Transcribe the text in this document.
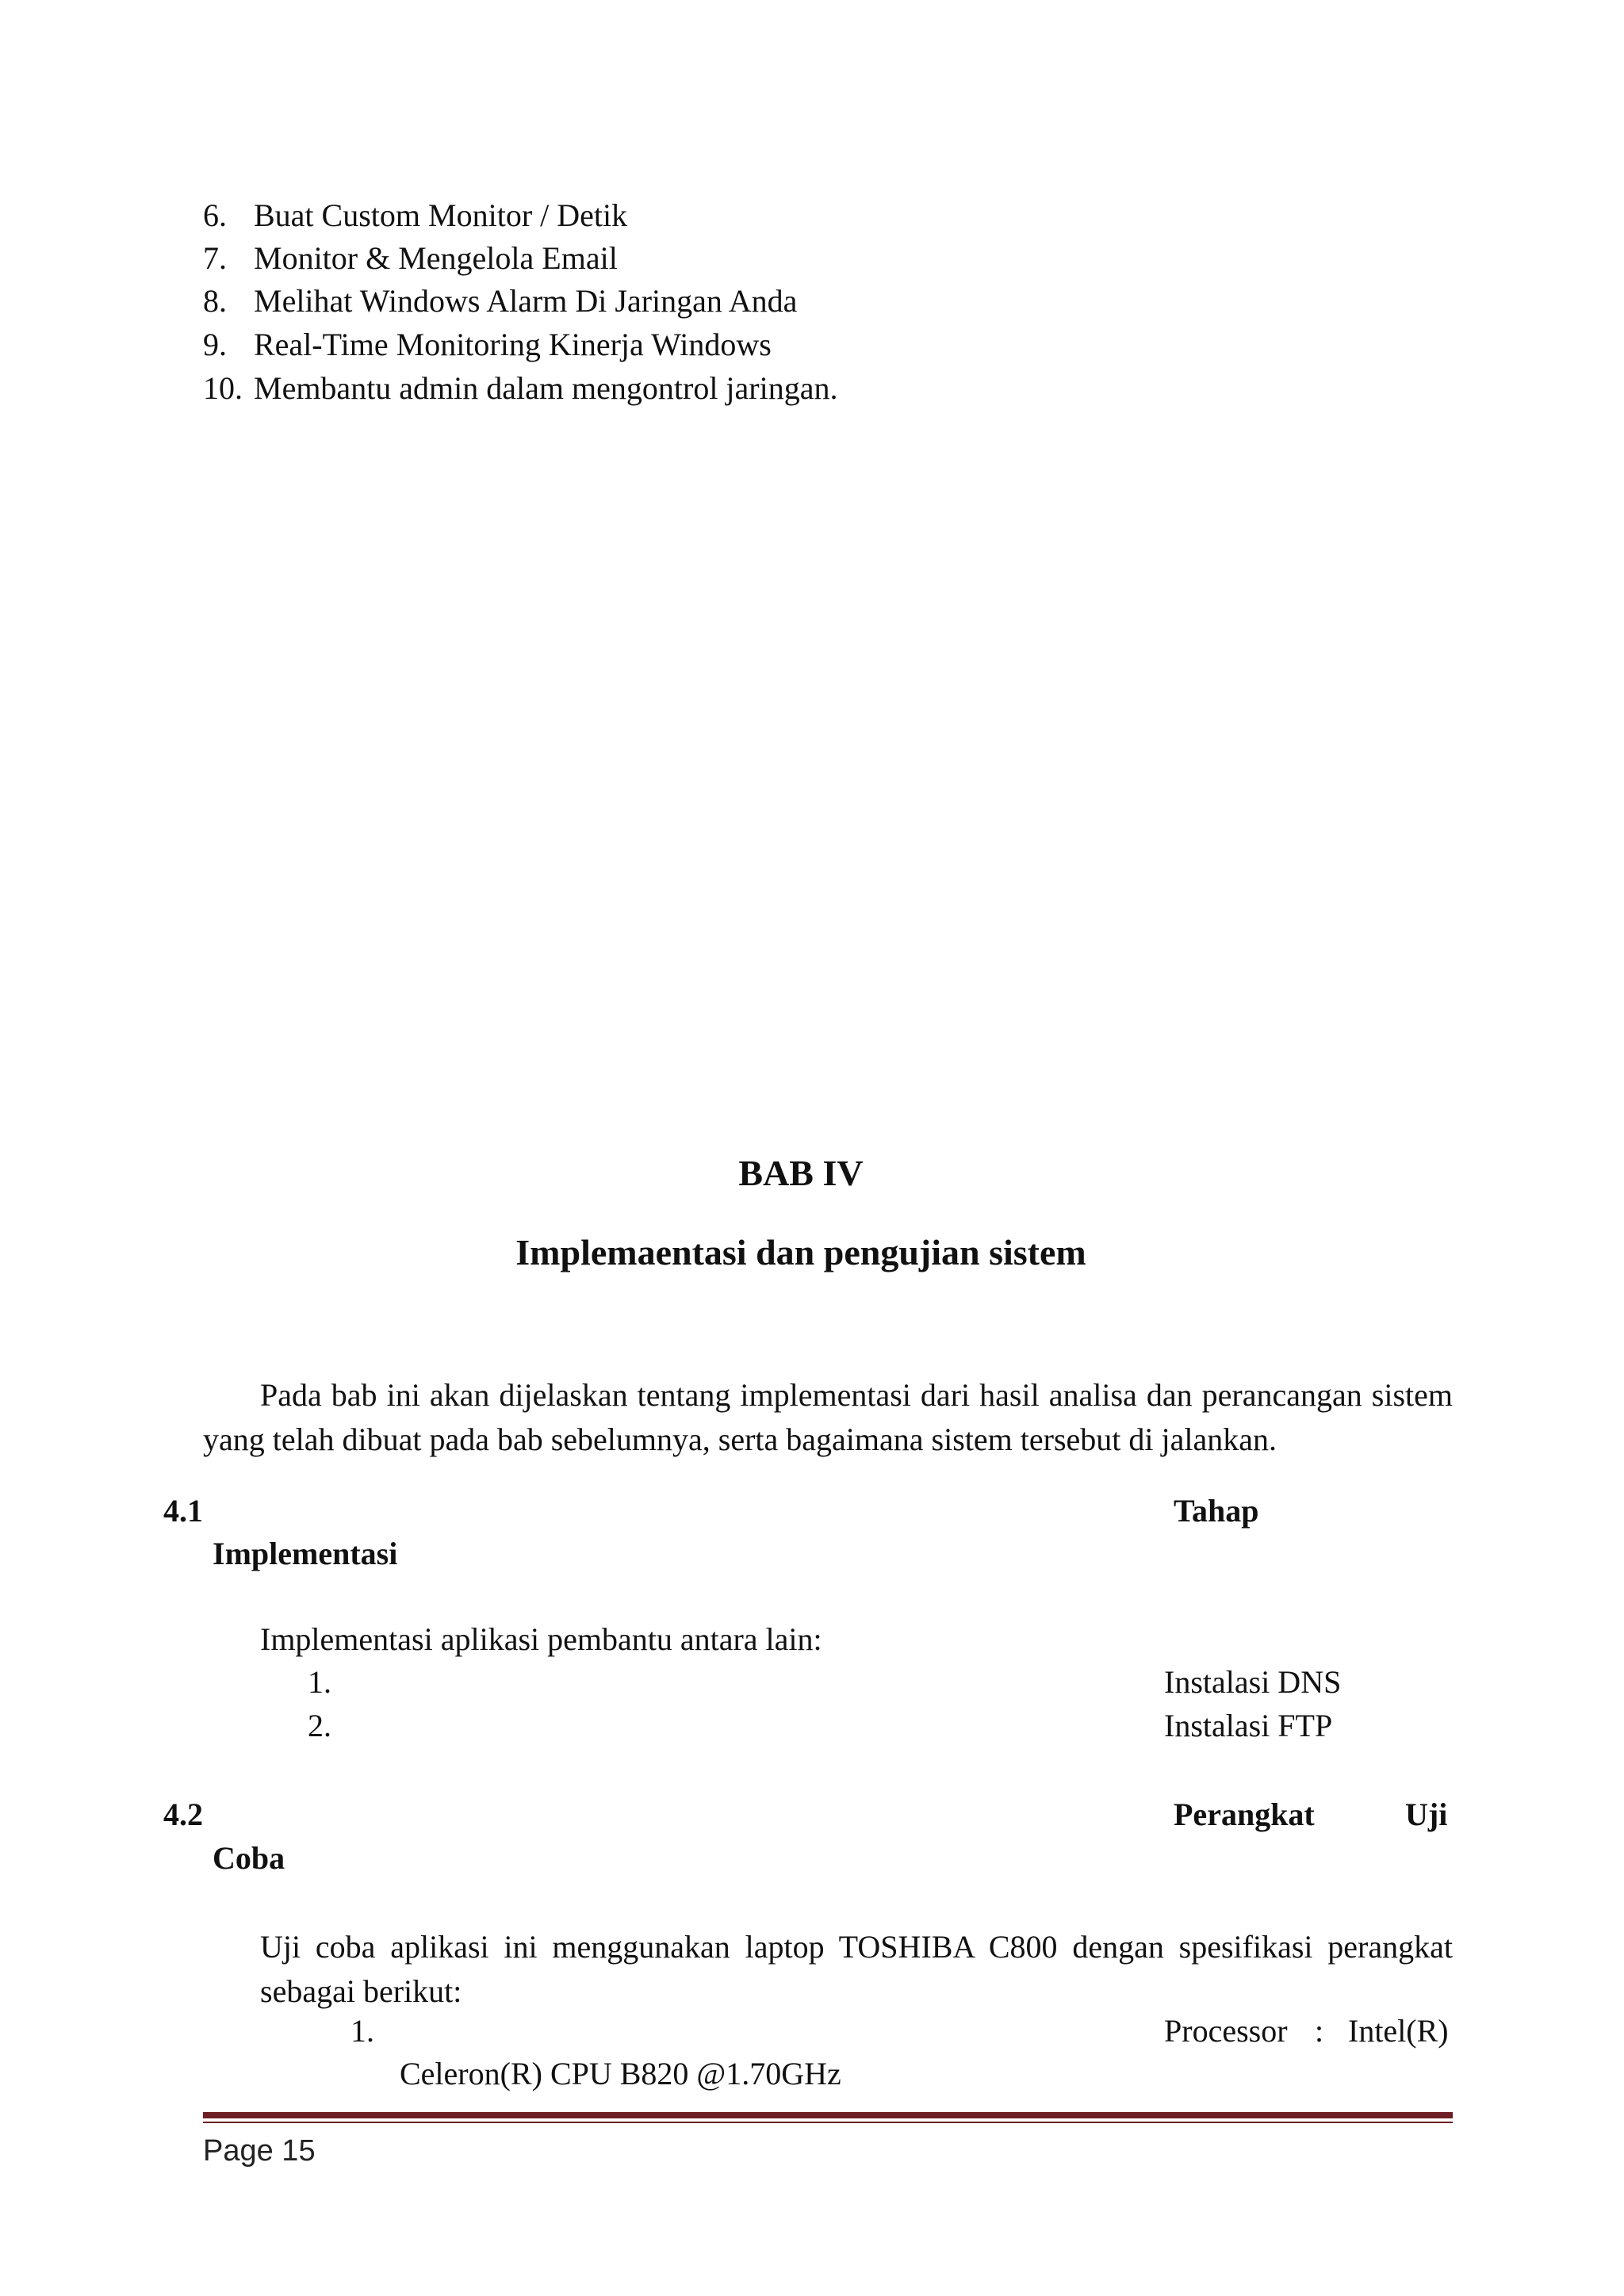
6. Buat Custom Monitor / Detik
7. Monitor & Mengelola Email
8. Melihat Windows Alarm Di Jaringan Anda
9. Real-Time Monitoring Kinerja Windows
10. Membantu admin dalam mengontrol jaringan.
BAB IV
Implemaentasi dan pengujian sistem
Pada bab ini akan dijelaskan tentang implementasi dari hasil analisa dan perancangan sistem yang telah dibuat pada bab sebelumnya, serta bagaimana sistem tersebut di jalankan.
4.1	Tahap
Implementasi
Implementasi aplikasi pembantu antara lain:
1.	Instalasi DNS
2.	Instalasi FTP
4.2	Perangkat	Uji
Coba
Uji coba aplikasi ini menggunakan laptop TOSHIBA C800 dengan spesifikasi perangkat sebagai berikut:
1.	Processor : Intel(R)
Celeron(R) CPU B820 @1.70GHz
Page 15
